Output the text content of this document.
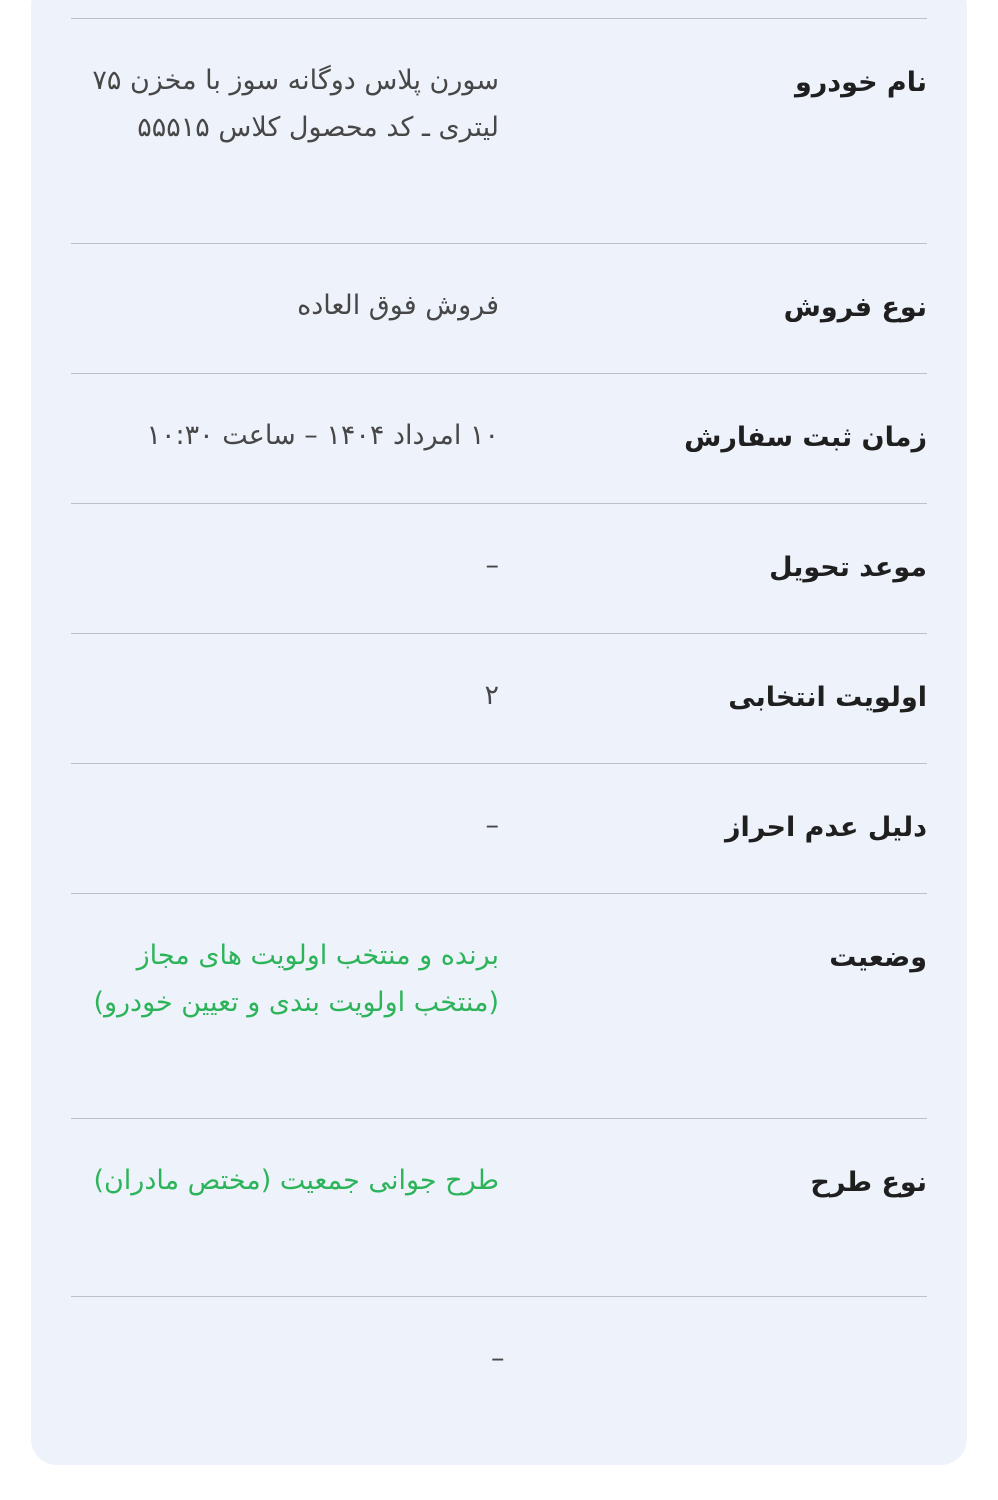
نام خودرو
سورن پلاس دوگانه سوز با مخزن ۷۵ لیتری ـ کد محصول کلاس ۵۵۵۱۵
نوع فروش
فروش فوق العاده
زمان ثبت سفارش
۱۰ امرداد ۱۴۰۴ – ساعت ۱۰:۳۰
موعد تحویل
–
اولویت انتخابی
۲
دلیل عدم احراز
–
وضعیت
برنده و منتخب اولویت های مجاز (منتخب اولویت بندی و تعیین خودرو)
نوع طرح
طرح جوانی جمعیت (مختص مادران)
–
